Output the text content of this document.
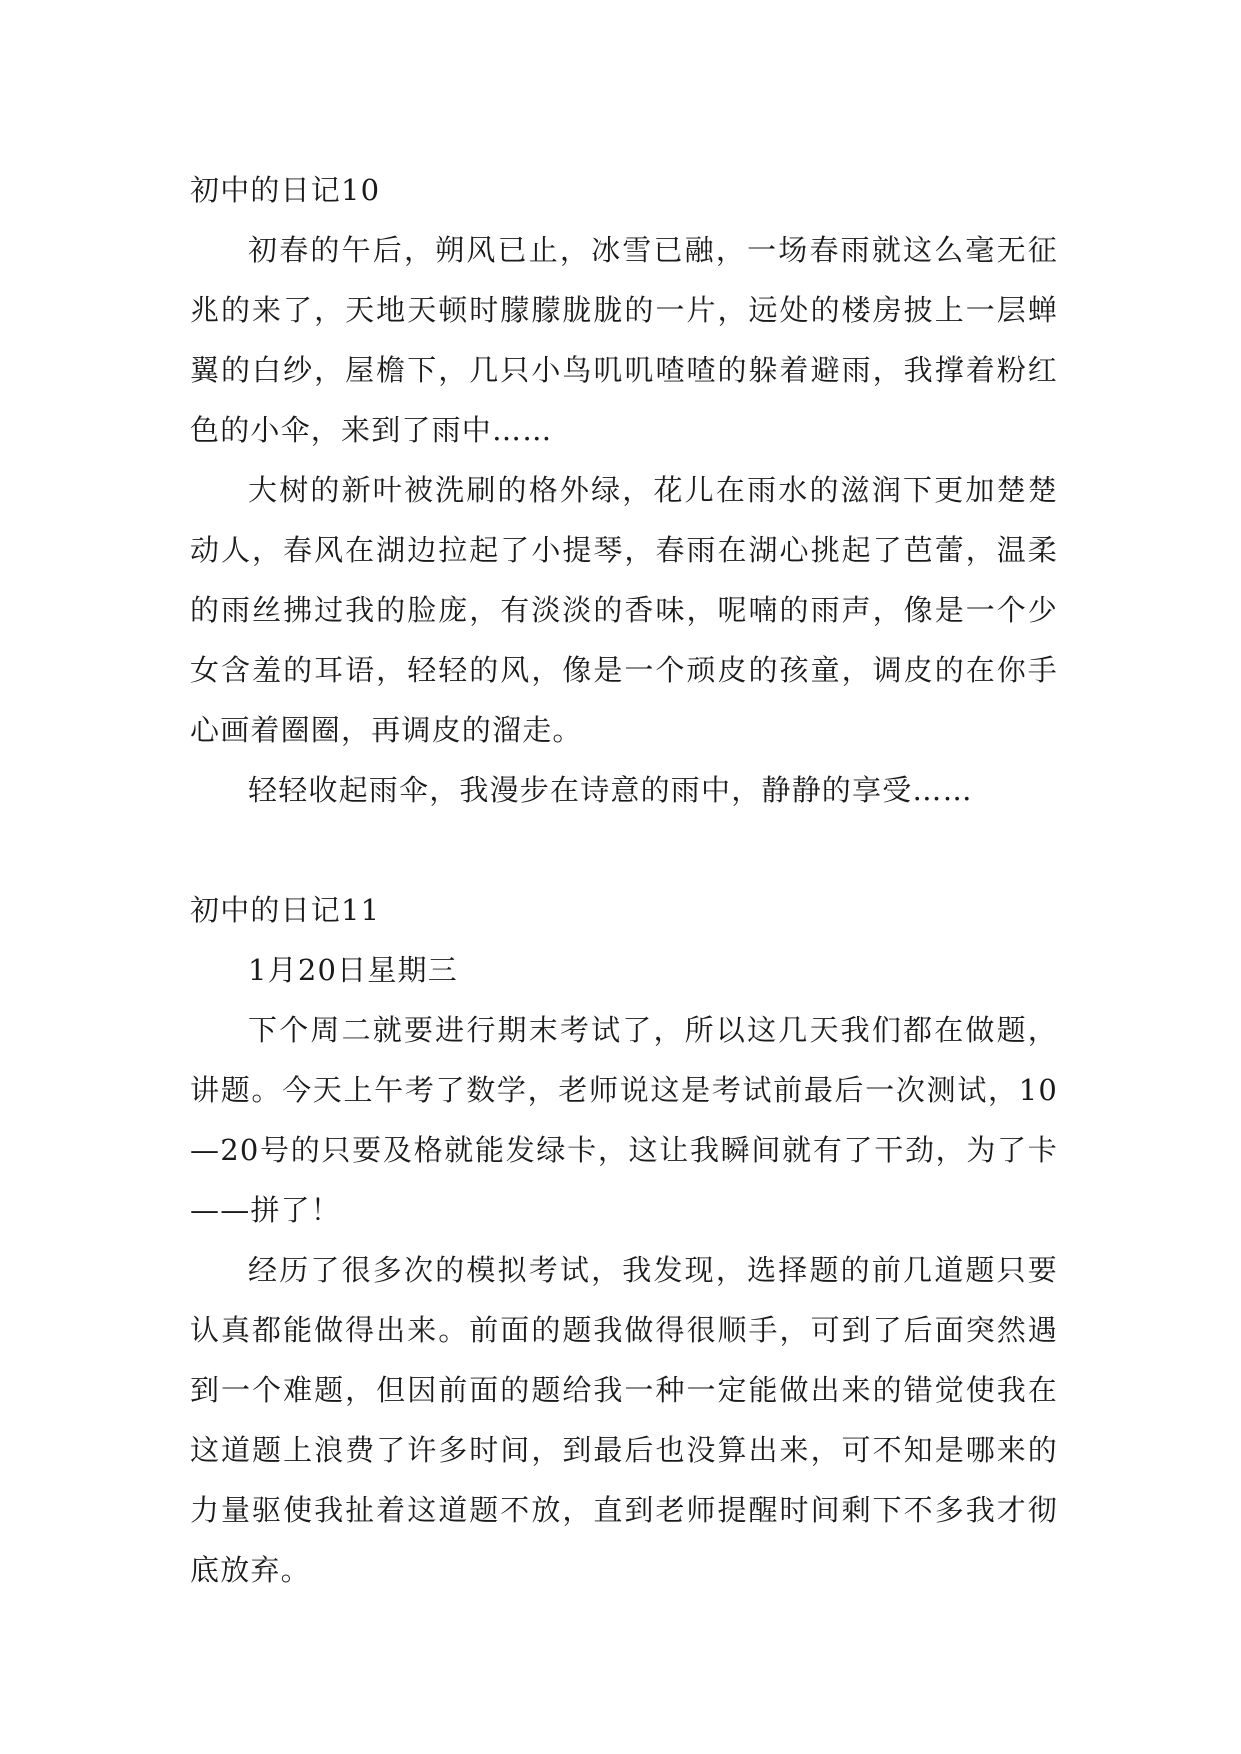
初中的日记10

初春的午后，朔风已止，冰雪已融，一场春雨就这么毫无征兆的来了，天地天顿时朦朦胧胧的一片，远处的楼房披上一层蝉翼的白纱，屋檐下，几只小鸟叽叽喳喳的躲着避雨，我撑着粉红色的小伞，来到了雨中……

大树的新叶被洗刷的格外绿，花儿在雨水的滋润下更加楚楚动人，春风在湖边拉起了小提琴，春雨在湖心挑起了芭蕾，温柔的雨丝拂过我的脸庞，有淡淡的香味，呢喃的雨声，像是一个少女含羞的耳语，轻轻的风，像是一个顽皮的孩童，调皮的在你手心画着圈圈，再调皮的溜走。

轻轻收起雨伞，我漫步在诗意的雨中，静静的享受……

初中的日记11

1月20日星期三

下个周二就要进行期末考试了，所以这几天我们都在做题，讲题。今天上午考了数学，老师说这是考试前最后一次测试，10—20号的只要及格就能发绿卡，这让我瞬间就有了干劲，为了卡——拼了！

经历了很多次的模拟考试，我发现，选择题的前几道题只要认真都能做得出来。前面的题我做得很顺手，可到了后面突然遇到一个难题，但因前面的题给我一种一定能做出来的错觉使我在这道题上浪费了许多时间，到最后也没算出来，可不知是哪来的力量驱使我扯着这道题不放，直到老师提醒时间剩下不多我才彻底放弃。
